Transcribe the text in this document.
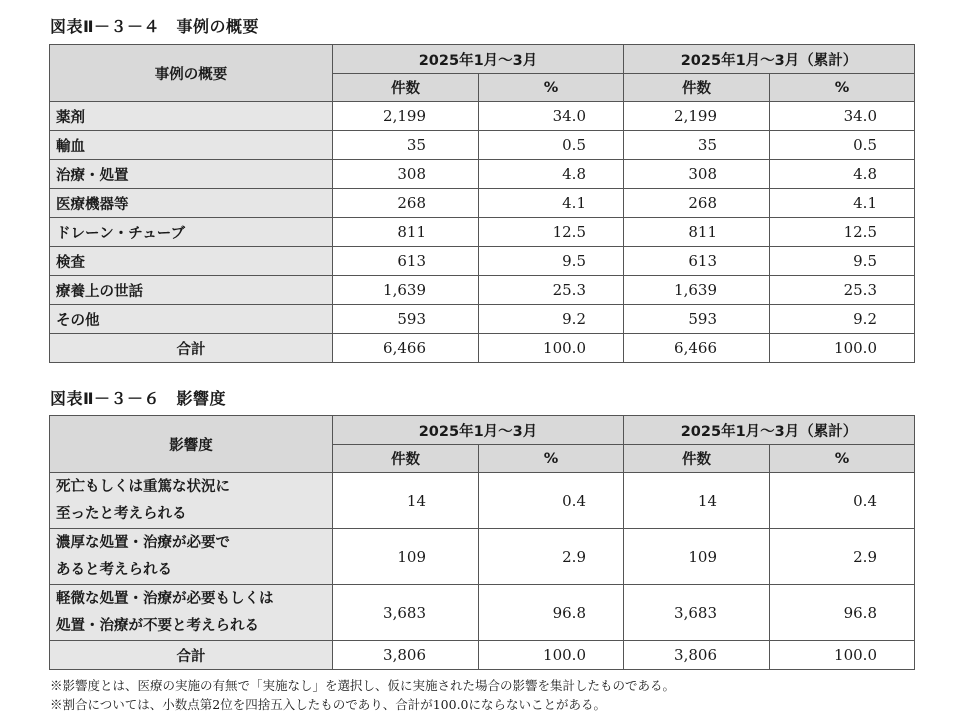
図表Ⅱ－３－４　事例の概要
事例の概要	2025年1月～3月		2025年1月～3月（累計）	
	件数	%	件数	%
薬剤	2,199	34.0	2,199	34.0
輸血	35	0.5	35	0.5
治療・処置	308	4.8	308	4.8
医療機器等	268	4.1	268	4.1
ドレーン・チューブ	811	12.5	811	12.5
検査	613	9.5	613	9.5
療養上の世話	1,639	25.3	1,639	25.3
その他	593	9.2	593	9.2
合計	6,466	100.0	6,466	100.0
図表Ⅱ－３－６　影響度
影響度	2025年1月～3月		2025年1月～3月（累計）	
	件数	%	件数	%

死亡もしくは重篤な状況に
至ったと考えられる	14	0.4	14	0.4

濃厚な処置・治療が必要で
あると考えられる	109	2.9	109	2.9

軽微な処置・治療が必要もしくは
処置・治療が不要と考えられる	3,683	96.8	3,683	96.8
合計	3,806	100.0	3,806	100.0
※影響度とは、医療の実施の有無で「実施なし」を選択し、仮に実施された場合の影響を集計したものである。
※割合については、小数点第2位を四捨五入したものであり、合計が100.0にならないことがある。
